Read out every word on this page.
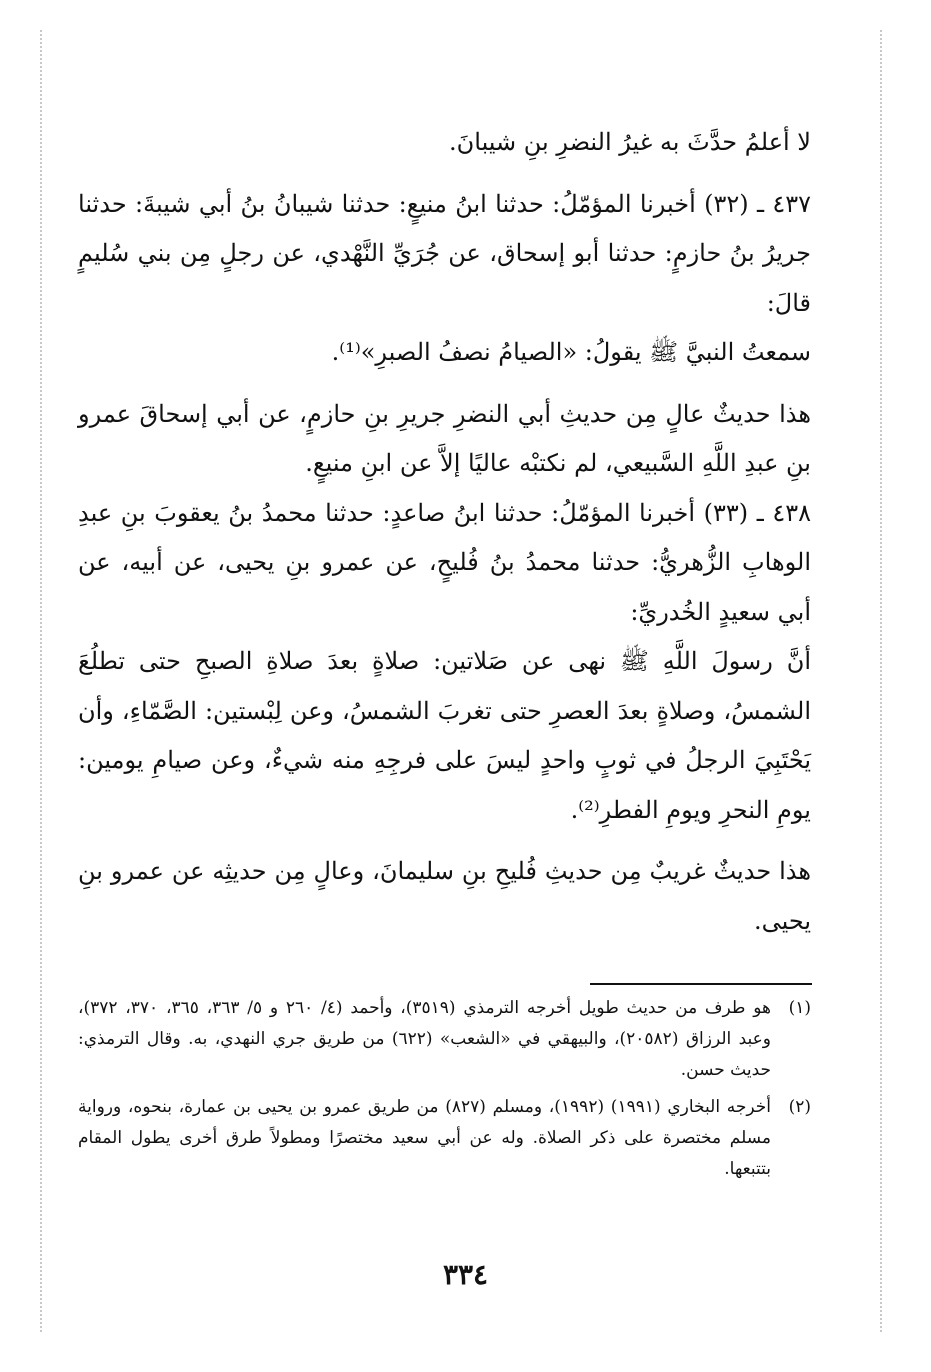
لا أعلمُ حدَّثَ به غيرُ النضرِ بنِ شيبانَ.

٤٣٧ ـ (٣٢) أخبرنا المؤمّلُ: حدثنا ابنُ منيعٍ: حدثنا شيبانُ بنُ أبي شيبةَ: حدثنا جريرُ بنُ حازمٍ: حدثنا أبو إسحاق، عن جُرَيِّ النَّهْدي، عن رجلٍ مِن بني سُليمٍ قالَ:

سمعتُ النبيَّ ﷺ يقولُ: «الصيامُ نصفُ الصبرِ»⁽¹⁾.

هذا حديثٌ عالٍ مِن حديثِ أبي النضرِ جريرِ بنِ حازمٍ، عن أبي إسحاقَ عمرو بنِ عبدِ اللَّهِ السَّبيعي، لم نكتبْه عاليًا إلاَّ عن ابنِ منيعٍ.

٤٣٨ ـ (٣٣) أخبرنا المؤمّلُ: حدثنا ابنُ صاعدٍ: حدثنا محمدُ بنُ يعقوبَ بنِ عبدِ الوهابِ الزُّهريُّ: حدثنا محمدُ بنُ فُليحٍ، عن عمرو بنِ يحيى، عن أبيه، عن أبي سعيدٍ الخُدريِّ:

أنَّ رسولَ اللَّهِ ﷺ نهى عن صَلاتين: صلاةٍ بعدَ صلاةِ الصبحِ حتى تطلُعَ الشمسُ، وصلاةٍ بعدَ العصرِ حتى تغربَ الشمسُ، وعن لِبْستين: الصَّمّاءِ، وأن يَحْتَبِيَ الرجلُ في ثوبٍ واحدٍ ليسَ على فرجِهِ منه شيءٌ، وعن صيامِ يومين: يومِ النحرِ ويومِ الفطرِ⁽²⁾.

هذا حديثٌ غريبٌ مِن حديثِ فُليحِ بنِ سليمانَ، وعالٍ مِن حديثِه عن عمرو بنِ يحيى.

(١)
هو طرف من حديث طويل أخرجه الترمذي (٣٥١٩)، وأحمد (٤/ ٢٦٠ و ٥/ ٣٦٣، ٣٦٥، ٣٧٠، ٣٧٢)، وعبد الرزاق (٢٠٥٨٢)، والبيهقي في «الشعب» (٦٢٢) من طريق جري النهدي، به. وقال الترمذي: حديث حسن.
(٢)
أخرجه البخاري (١٩٩١) (١٩٩٢)، ومسلم (٨٢٧) من طريق عمرو بن يحيى بن عمارة، بنحوه، ورواية مسلم مختصرة على ذكر الصلاة. وله عن أبي سعيد مختصرًا ومطولاً طرق أخرى يطول المقام بتتبعها.
٣٣٤
